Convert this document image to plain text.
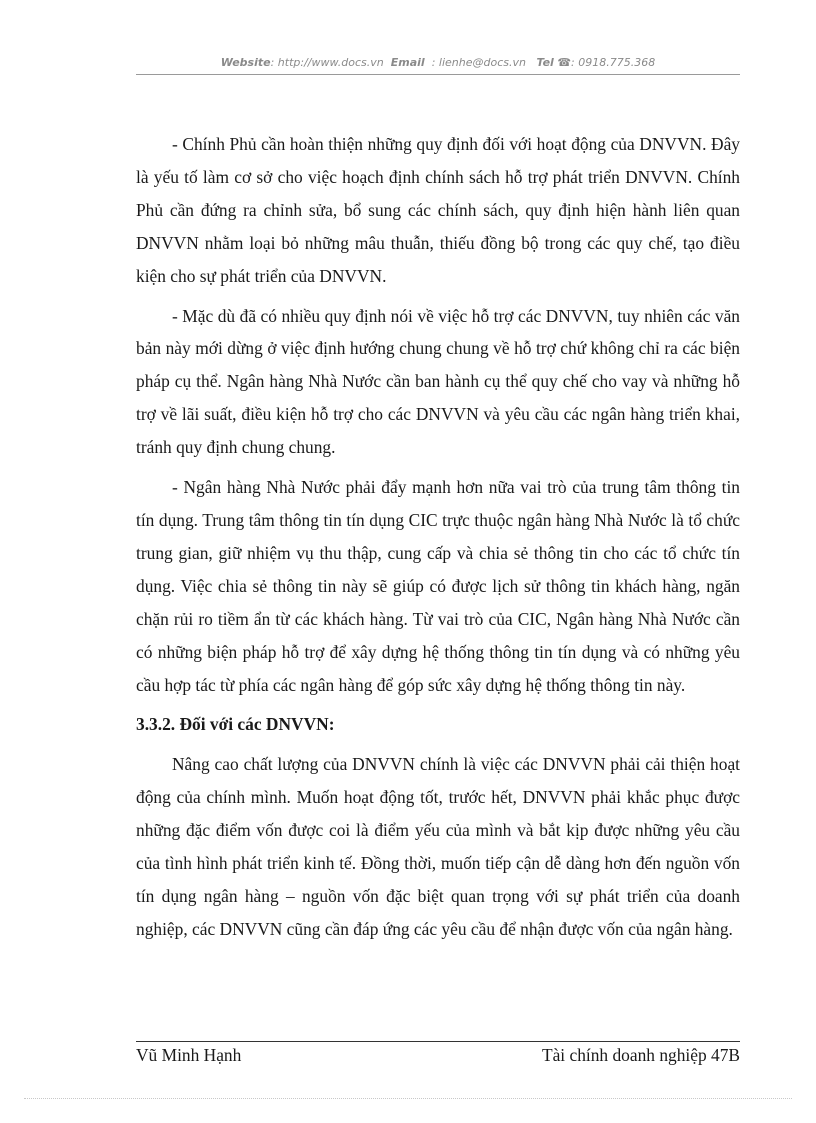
Website: http://www.docs.vn Email : lienhe@docs.vn Tel ☎: 0918.775.368

- Chính Phủ cần hoàn thiện những quy định đối với hoạt động của DNVVN. Đây là yếu tố làm cơ sở cho việc hoạch định chính sách hỗ trợ phát triển DNVVN. Chính Phủ cần đứng ra chỉnh sửa, bổ sung các chính sách, quy định hiện hành liên quan DNVVN nhằm loại bỏ những mâu thuẫn, thiếu đồng bộ trong các quy chế, tạo điều kiện cho sự phát triển của DNVVN.

- Mặc dù đã có nhiều quy định nói về việc hỗ trợ các DNVVN, tuy nhiên các văn bản này mới dừng ở việc định hướng chung chung về hỗ trợ chứ không chỉ ra các biện pháp cụ thể. Ngân hàng Nhà Nước cần ban hành cụ thể quy chế cho vay và những hỗ trợ về lãi suất, điều kiện hỗ trợ cho các DNVVN và yêu cầu các ngân hàng triển khai, tránh quy định chung chung.

- Ngân hàng Nhà Nước phải đẩy mạnh hơn nữa vai trò của trung tâm thông tin tín dụng. Trung tâm thông tin tín dụng CIC trực thuộc ngân hàng Nhà Nước là tổ chức trung gian, giữ nhiệm vụ thu thập, cung cấp và chia sẻ thông tin cho các tổ chức tín dụng. Việc chia sẻ thông tin này sẽ giúp có được lịch sử thông tin khách hàng, ngăn chặn rủi ro tiềm ẩn từ các khách hàng. Từ vai trò của CIC, Ngân hàng Nhà Nước cần có những biện pháp hỗ trợ để xây dựng hệ thống thông tin tín dụng và có những yêu cầu hợp tác từ phía các ngân hàng để góp sức xây dựng hệ thống thông tin này.

3.3.2. Đối với các DNVVN:

Nâng cao chất lượng của DNVVN chính là việc các DNVVN phải cải thiện hoạt động của chính mình. Muốn hoạt động tốt, trước hết, DNVVN phải khắc phục được những đặc điểm vốn được coi là điểm yếu của mình và bắt kịp được những yêu cầu của tình hình phát triển kinh tế. Đồng thời, muốn tiếp cận dễ dàng hơn đến nguồn vốn tín dụng ngân hàng – nguồn vốn đặc biệt quan trọng với sự phát triển của doanh nghiệp, các DNVVN cũng cần đáp ứng các yêu cầu để nhận được vốn của ngân hàng.

Vũ Minh Hạnh	Tài chính doanh nghiệp 47B
